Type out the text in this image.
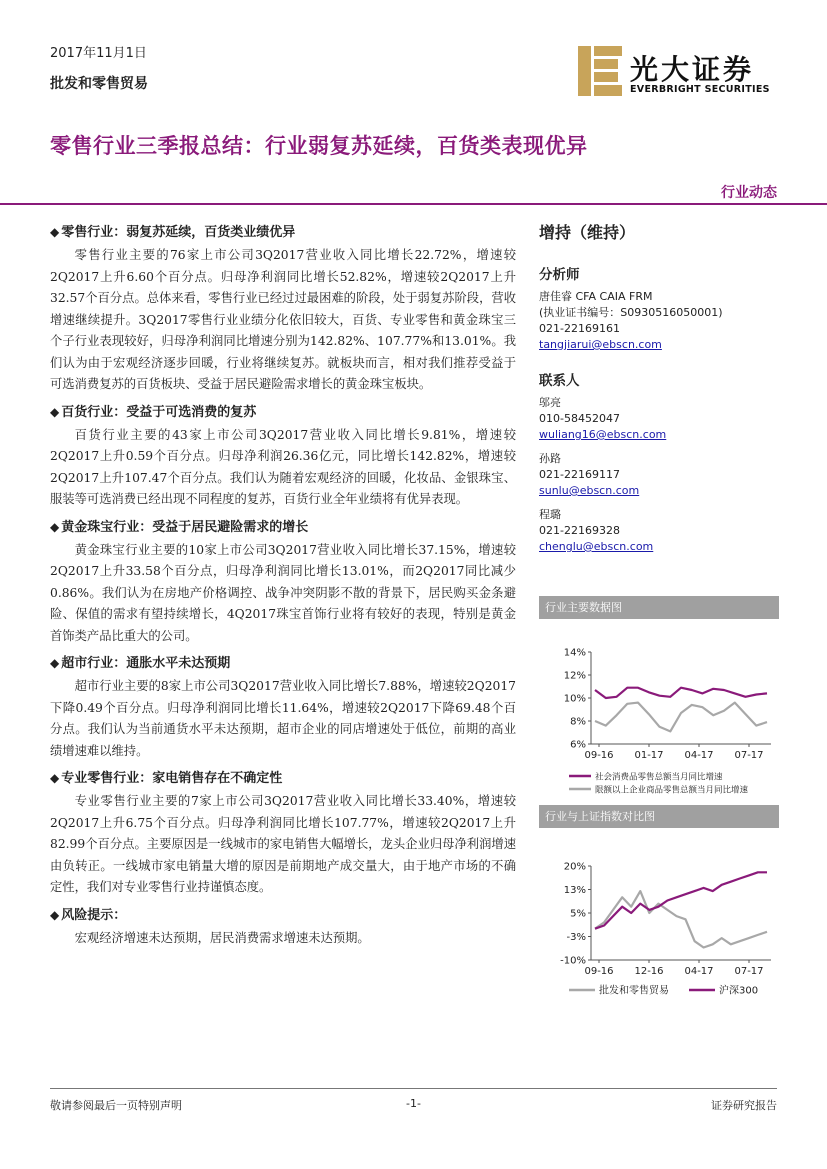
2017年11月1日
批发和零售贸易	光大证券
EVERBRIGHT SECURITIES
零售行业三季报总结：行业弱复苏延续，百货类表现优异
行业动态
◆ 零售行业：弱复苏延续，百货类业绩优异

零售行业主要的76家上市公司3Q2017营业收入同比增长22.72%，增速较2Q2017上升6.60个百分点。归母净利润同比增长52.82%，增速较2Q2017上升32.57个百分点。总体来看，零售行业已经过过最困难的阶段，处于弱复苏阶段，营收增速继续提升。3Q2017零售行业业绩分化依旧较大，百货、专业零售和黄金珠宝三个子行业表现较好，归母净利润同比增速分别为142.82%、107.77%和13.01%。我们认为由于宏观经济逐步回暖，行业将继续复苏。就板块而言，相对我们推荐受益于可选消费复苏的百货板块、受益于居民避险需求增长的黄金珠宝板块。

◆ 百货行业：受益于可选消费的复苏

百货行业主要的43家上市公司3Q2017营业收入同比增长9.81%，增速较2Q2017上升0.59个百分点。归母净利润26.36亿元，同比增长142.82%，增速较2Q2017上升107.47个百分点。我们认为随着宏观经济的回暖，化妆品、金银珠宝、服装等可选消费已经出现不同程度的复苏，百货行业全年业绩将有优异表现。

◆ 黄金珠宝行业：受益于居民避险需求的增长

黄金珠宝行业主要的10家上市公司3Q2017营业收入同比增长37.15%，增速较2Q2017上升33.58个百分点，归母净利润同比增长13.01%，而2Q2017同比减少0.86%。我们认为在房地产价格调控、战争冲突阴影不散的背景下，居民购买金条避险、保值的需求有望持续增长，4Q2017珠宝首饰行业将有较好的表现，特别是黄金首饰类产品比重大的公司。

◆ 超市行业：通胀水平未达预期

超市行业主要的8家上市公司3Q2017营业收入同比增长7.88%，增速较2Q2017下降0.49个百分点。归母净利润同比增长11.64%，增速较2Q2017下降69.48个百分点。我们认为当前通货水平未达预期，超市企业的同店增速处于低位，前期的高业绩增速难以维持。

◆ 专业零售行业：家电销售存在不确定性

专业零售行业主要的7家上市公司3Q2017营业收入同比增长33.40%，增速较2Q2017上升6.75个百分点。归母净利润同比增长107.77%，增速较2Q2017上升82.99个百分点。主要原因是一线城市的家电销售大幅增长，龙头企业归母净利润增速由负转正。一线城市家电销量大增的原因是前期地产成交量大，由于地产市场的不确定性，我们对专业零售行业持谨慎态度。

◆ 风险提示：

宏观经济增速未达预期，居民消费需求增速未达预期。

增持（维持）
分析师
唐佳睿 CFA CAIA FRM
(执业证书编号：S0930516050001)
021-22169161
tangjiarui@ebscn.com
联系人
邬亮
010-58452047
wuliang16@ebscn.com
孙路
021-22169117
sunlu@ebscn.com
程璐
021-22169328
chenglu@ebscn.com
行业主要数据图
14%
12%
10%
8%
6%
09-16 01-17 04-17 07-17
社会消费品零售总额当月同比增速
限额以上企业商品零售总额当月同比增速
行业与上证指数对比图
20%
13%
5%
-3%
-10%
09-16 12-16 04-17 07-17
批发和零售贸易	沪深300
敬请参阅最后一页特别声明	-1-	证券研究报告
